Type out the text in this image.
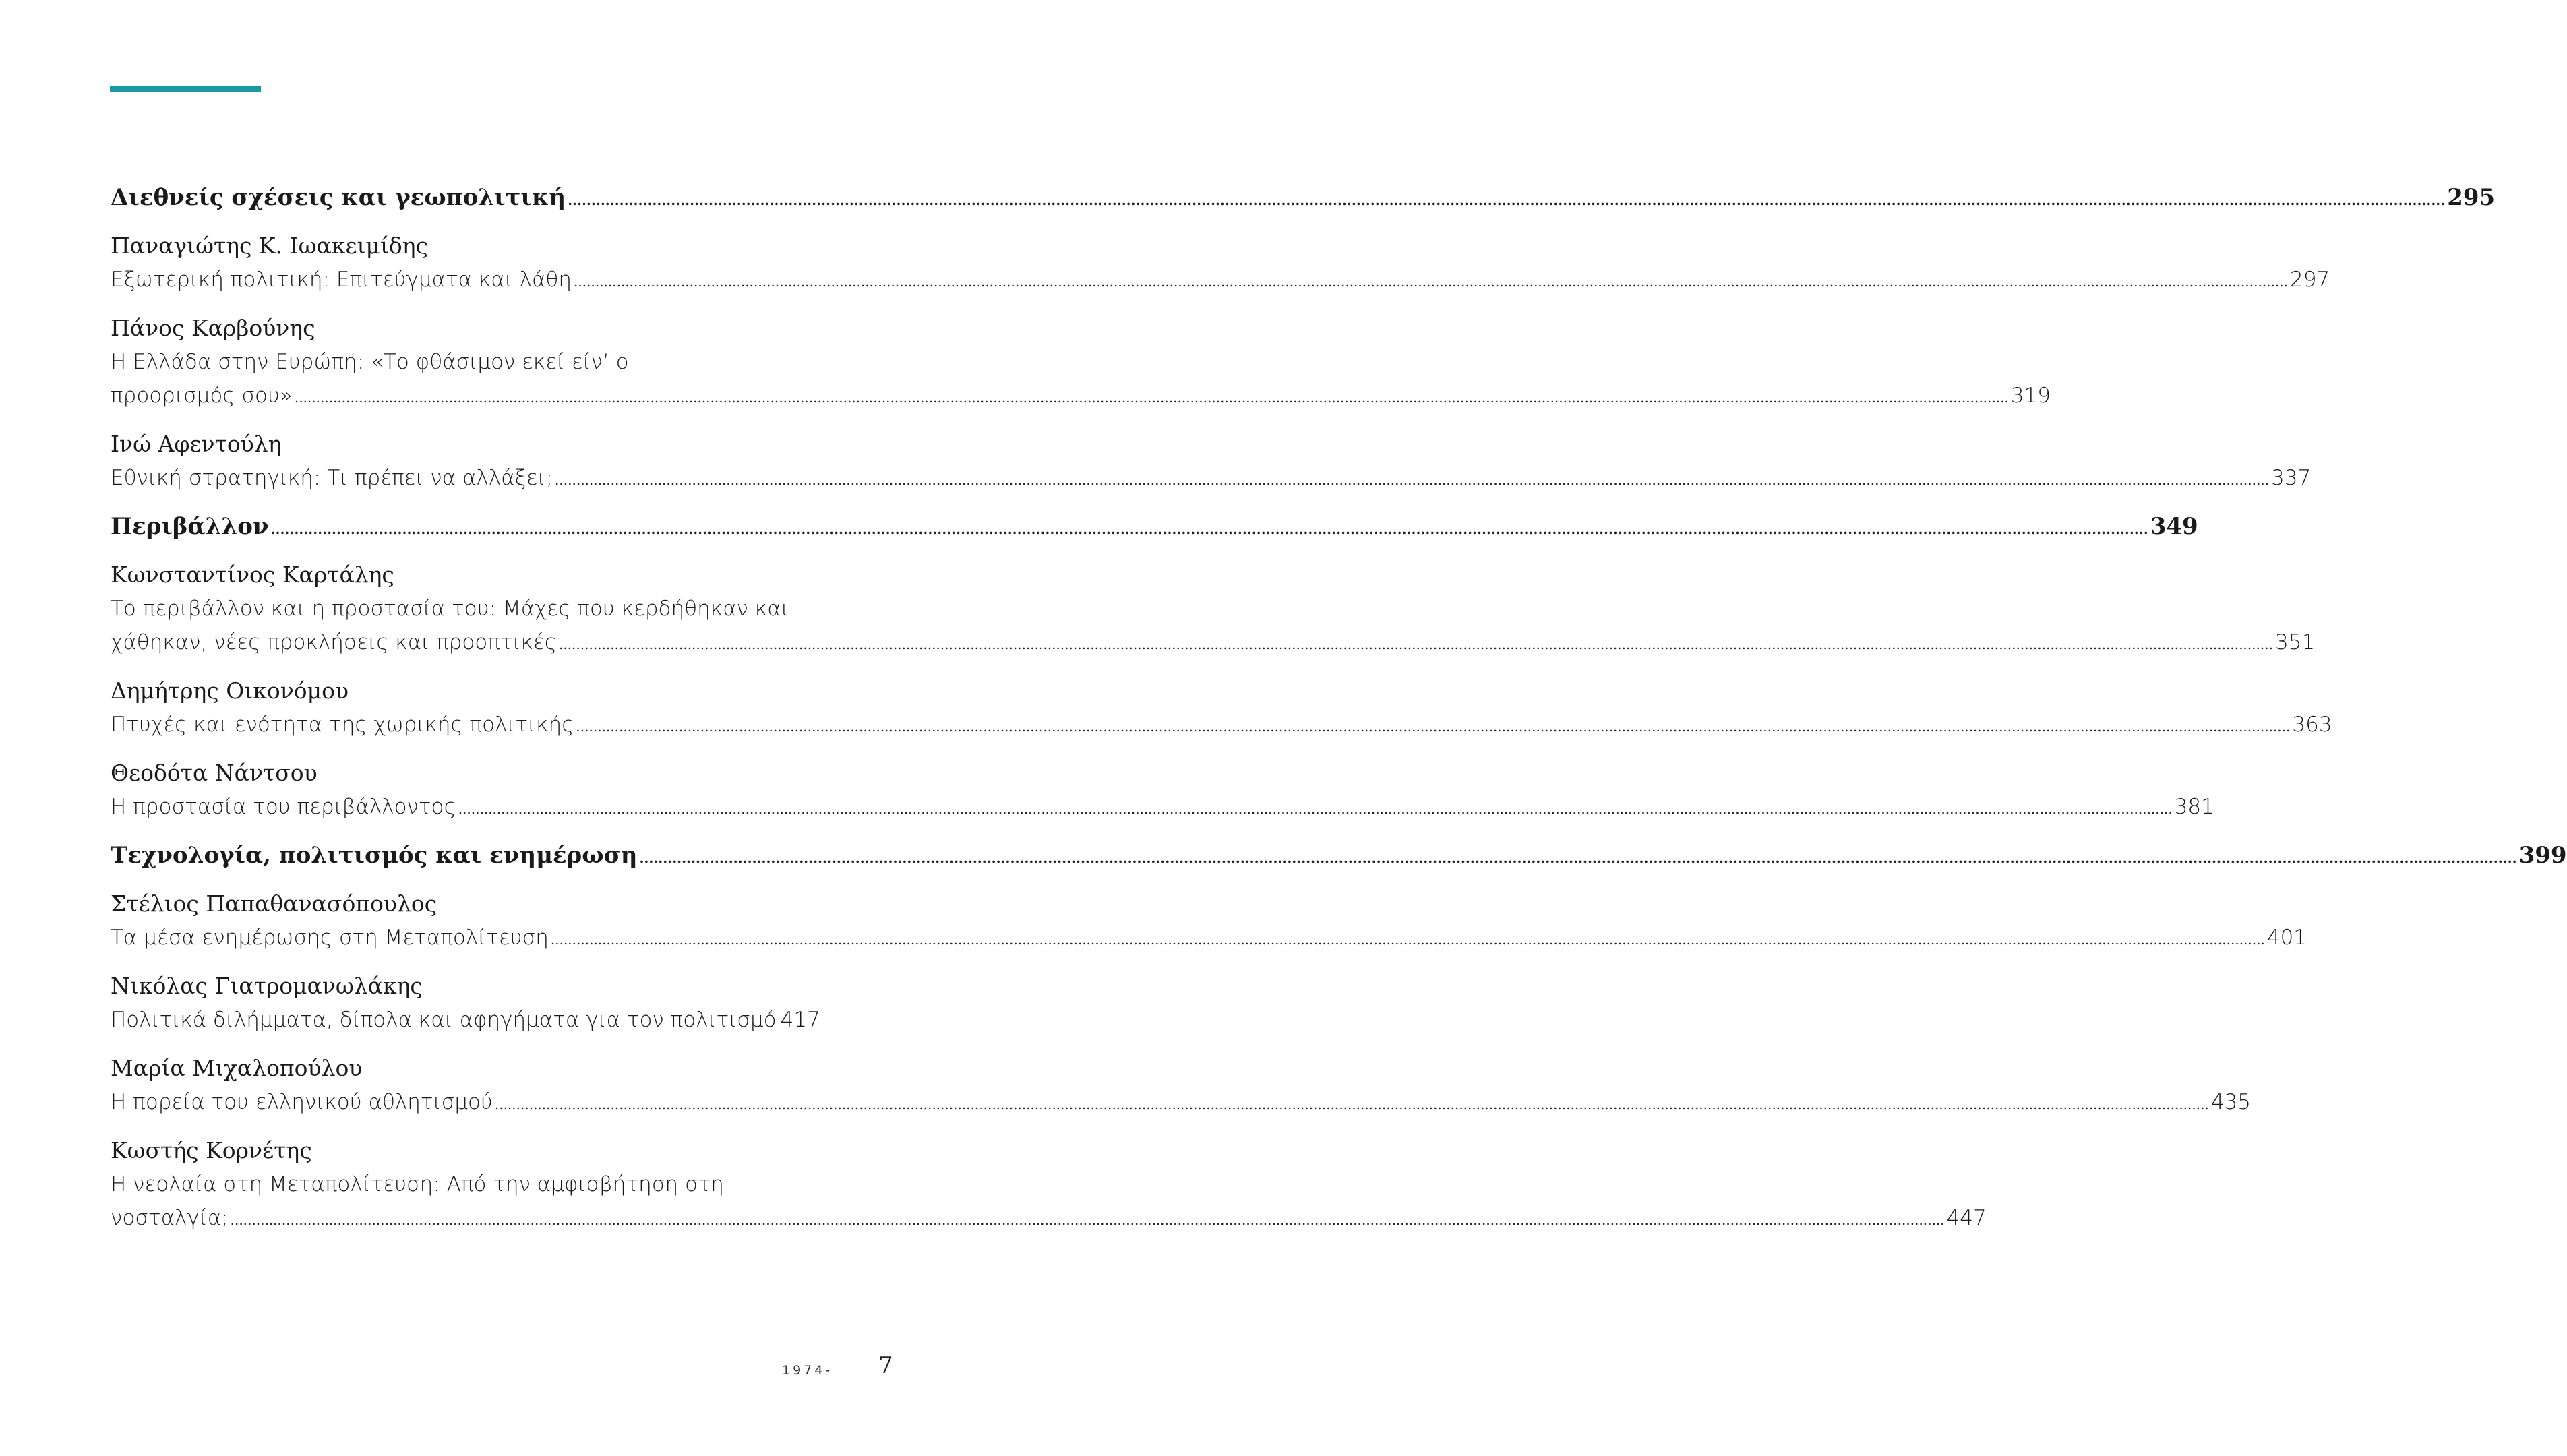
Διεθνείς σχέσεις και γεωπολιτική ................................................................................................................................................................................................................................................................................................................................................................................................................ 295
Παναγιώτης Κ. Ιωακειμίδης
Εξωτερική πολιτική: Επιτεύγματα και λάθη ................................................................................................................................................................................................................................................................................................................................................................................................................ 297
Πάνος Καρβούνης
Η Ελλάδα στην Ευρώπη: «Το φθάσιμον εκεί είν’ ο
προορισμός σου» ................................................................................................................................................................................................................................................................................................................................................................................................................ 319
Ινώ Αφεντούλη
Εθνική στρατηγική: Τι πρέπει να αλλάξει; ................................................................................................................................................................................................................................................................................................................................................................................................................ 337
Περιβάλλον ................................................................................................................................................................................................................................................................................................................................................................................................................ 349
Κωνσταντίνος Καρτάλης
Το περιβάλλον και η προστασία του: Μάχες που κερδήθηκαν και
χάθηκαν, νέες προκλήσεις και προοπτικές ................................................................................................................................................................................................................................................................................................................................................................................................................ 351
Δημήτρης Οικονόμου
Πτυχές και ενότητα της χωρικής πολιτικής ................................................................................................................................................................................................................................................................................................................................................................................................................ 363
Θεοδότα Νάντσου
Η προστασία του περιβάλλοντος ................................................................................................................................................................................................................................................................................................................................................................................................................ 381
Τεχνολογία, πολιτισμός και ενημέρωση ................................................................................................................................................................................................................................................................................................................................................................................................................ 399
Στέλιος Παπαθανασόπουλος
Τα μέσα ενημέρωσης στη Μεταπολίτευση ................................................................................................................................................................................................................................................................................................................................................................................................................ 401
Νικόλας Γιατρομανωλάκης
Πολιτικά διλήμματα, δίπολα και αφηγήματα για τον πολιτισμό 417
Μαρία Μιχαλοπούλου
Η πορεία του ελληνικού αθλητισμού ................................................................................................................................................................................................................................................................................................................................................................................................................ 435
Κωστής Κορνέτης
Η νεολαία στη Μεταπολίτευση: Από την αμφισβήτηση στη
νοσταλγία; ................................................................................................................................................................................................................................................................................................................................................................................................................ 447
1974- 7
